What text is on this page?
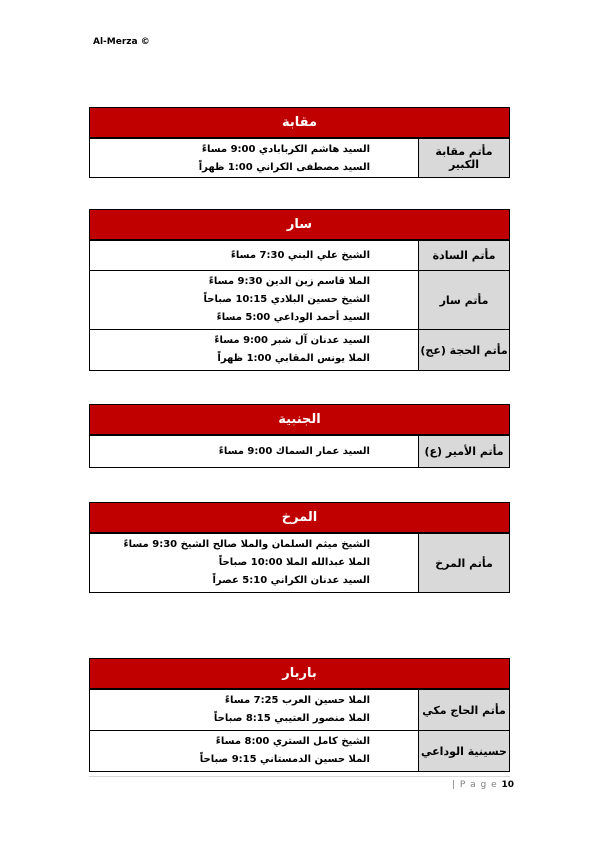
Al-Merza ©
مقابة
مأتم مقابة الكبير
السيد هاشم الكربابادي 9:00 مساءً
السيد مصطفى الكراني 1:00 ظهراً
سار
مأتم السادة
الشيخ علي البني 7:30 مساءً
مأتم سار
الملا قاسم زين الدين 9:30 مساءً
الشيخ حسين البلادي 10:15 صباحاً
السيد أحمد الوداعي 5:00 مساءً
مأتم الحجة (عج)
السيد عدنان آل شبر 9:00 مساءً
الملا يونس المقابي 1:00 ظهراً
الجنبية
مأتم الأمير (ع)
السيد عمار السماك 9:00 مساءً
المرخ
مأتم المرخ
الشيخ ميثم السلمان والملا صالح الشيخ 9:30 مساءً
الملا عبدالله الملا 10:00 صباحاً
السيد عدنان الكراني 5:10 عصراً
باربار
مأتم الحاج مكي
الملا حسين العرب 7:25 مساءً
الملا منصور العتيبي 8:15 صباحاً
حسينية الوداعي
الشيخ كامل الستري 8:00 مساءً
الملا حسين الدمستاني 9:15 صباحاً
| P a g e 10
